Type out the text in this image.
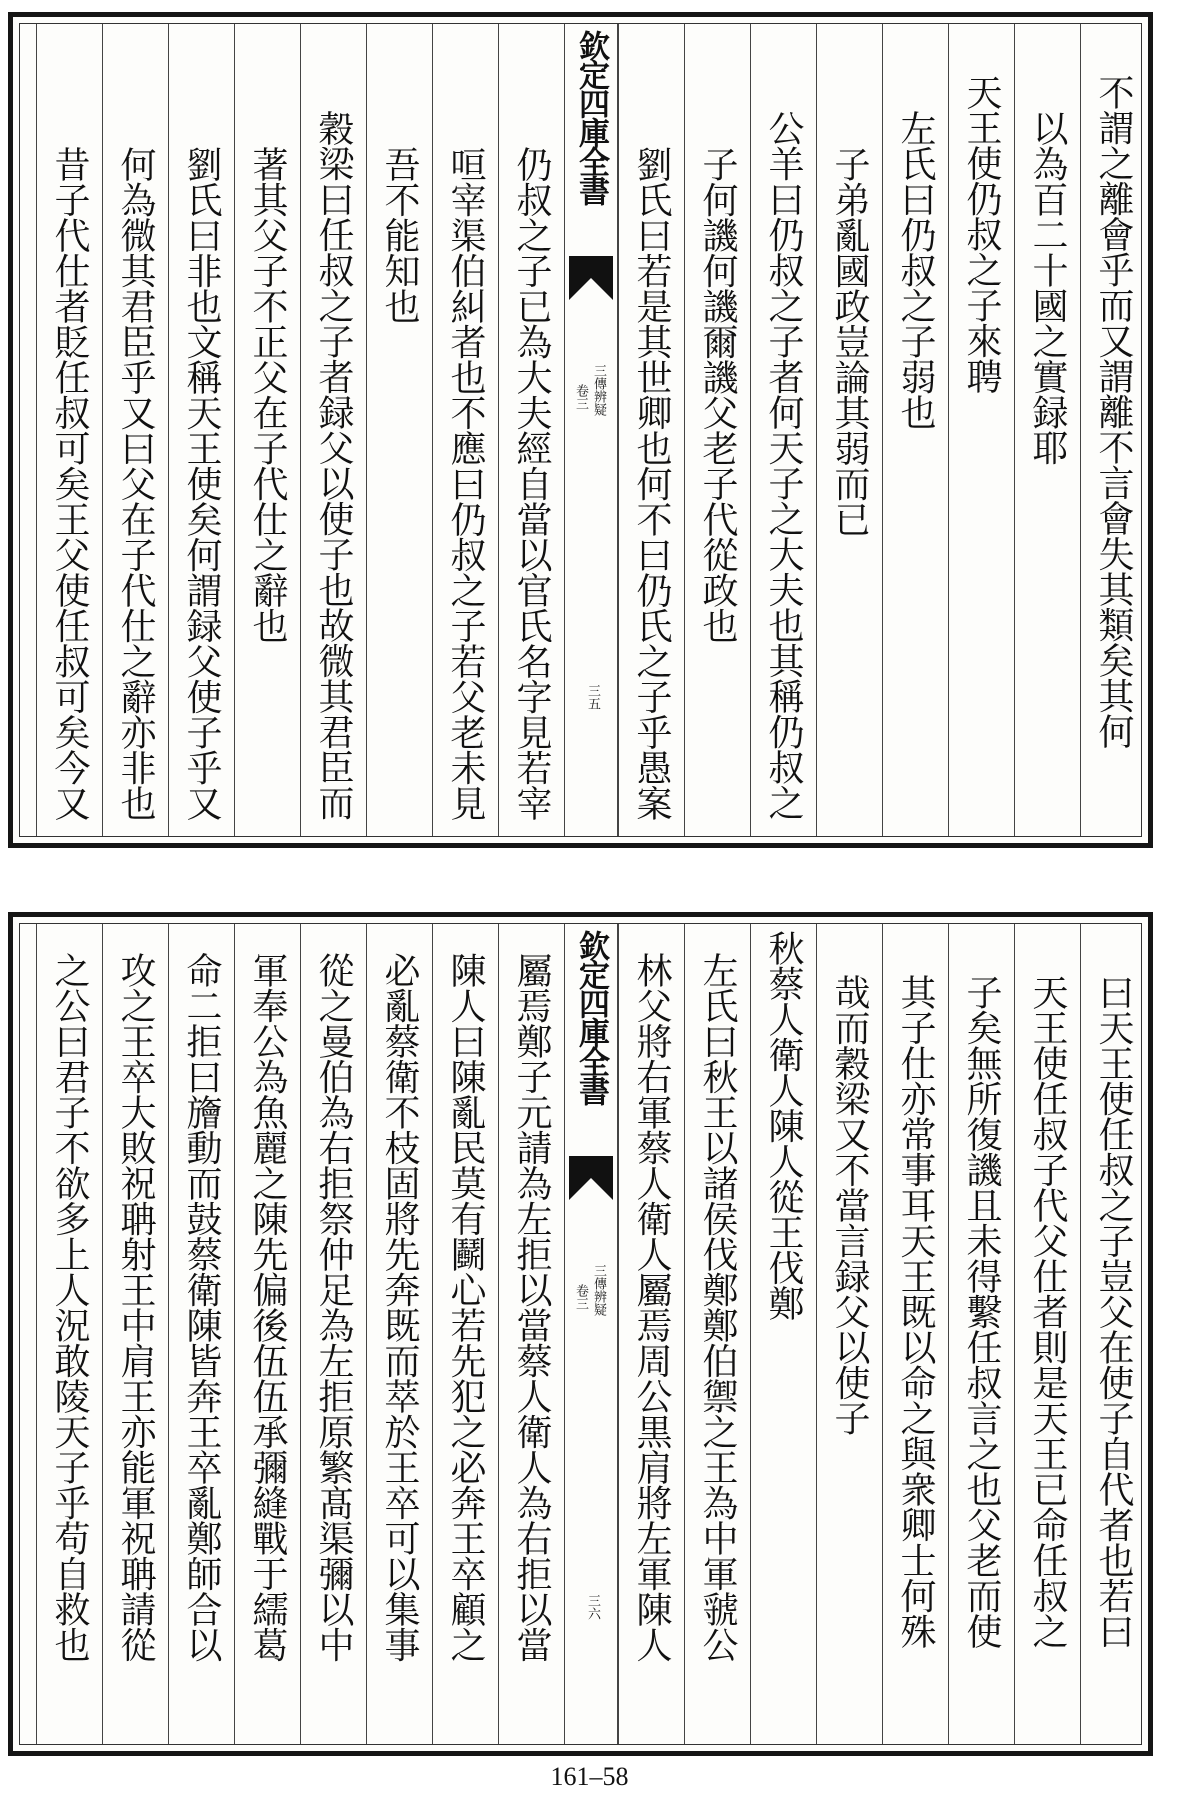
不謂之離會乎而又謂離不言會失其類矣其何
以為百二十國之實録耶
天王使仍叔之子來聘
左氏曰仍叔之子弱也
子弟亂國政豈論其弱而已
公羊曰仍叔之子者何天子之大夫也其稱仍叔之
子何譏何譏爾譏父老子代從政也
劉氏曰若是其世卿也何不曰仍氏之子乎愚案
欽定四庫全書
三傳辨疑
卷三
三五
仍叔之子已為大夫經自當以官氏名字見若宰
咺宰渠伯糾者也不應曰仍叔之子若父老未見
吾不能知也
穀梁曰任叔之子者録父以使子也故微其君臣而
著其父子不正父在子代仕之辭也
劉氏曰非也文稱天王使矣何謂録父使子乎又
何為微其君臣乎又曰父在子代仕之辭亦非也
昔子代仕者貶任叔可矣王父使任叔可矣今又
曰天王使任叔之子豈父在使子自代者也若曰
天王使任叔子代父仕者則是天王已命任叔之
子矣無所復譏且未得繫任叔言之也父老而使
其子仕亦常事耳天王既以命之與衆卿士何殊
哉而穀梁又不當言録父以使子
秋蔡人衛人陳人從王伐鄭
左氏曰秋王以諸侯伐鄭鄭伯禦之王為中軍虢公
林父將右軍蔡人衛人屬焉周公黒肩將左軍陳人
欽定四庫全書
三傳辨疑
卷三
三六
屬焉鄭子元請為左拒以當蔡人衛人為右拒以當
陳人曰陳亂民莫有鬬心若先犯之必奔王卒顧之
必亂蔡衛不枝固將先奔既而萃於王卒可以集事
從之曼伯為右拒祭仲足為左拒原繁髙渠彌以中
軍奉公為魚麗之陳先偏後伍伍承彌縫戰于繻葛
命二拒曰旝動而鼓蔡衛陳皆奔王卒亂鄭師合以
攻之王卒大敗祝聃射王中肩王亦能軍祝聃請從
之公曰君子不欲多上人況敢陵天子乎苟自救也
161–58
